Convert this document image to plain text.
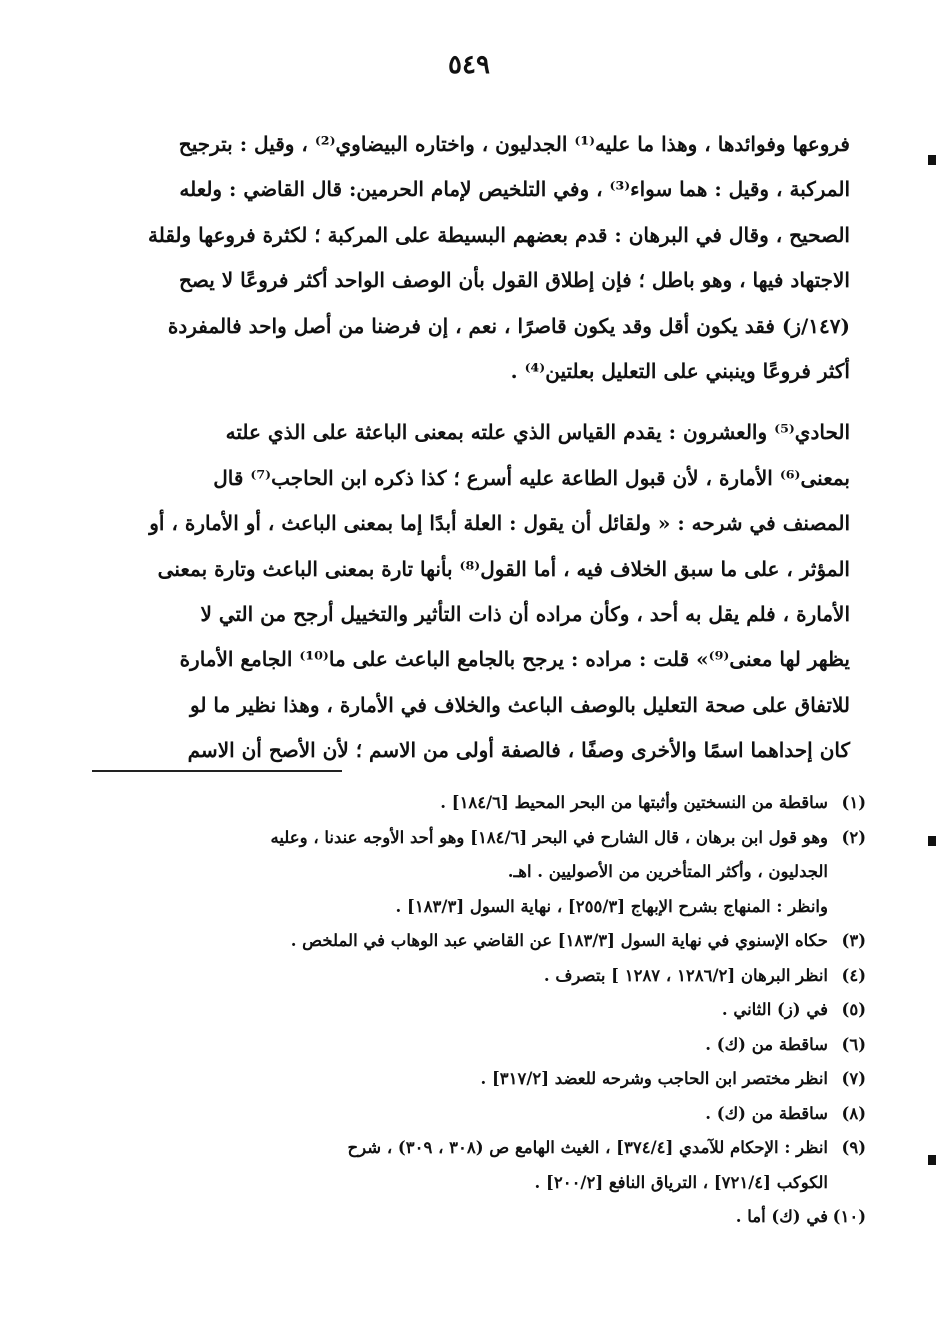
٥٤٩

فروعها وفوائدها ، وهذا ما عليه⁽¹⁾ الجدليون ، واختاره البيضاوي⁽²⁾ ، وقيل : بترجيح
المركبة ، وقيل : هما سواء⁽³⁾ ، وفي التلخيص لإمام الحرمين: قال القاضي : ولعله
الصحيح ، وقال في البرهان : قدم بعضهم البسيطة على المركبة ؛ لكثرة فروعها ولقلة
الاجتهاد فيها ، وهو باطل ؛ فإن إطلاق القول بأن الوصف الواحد أكثر فروعًا لا يصح
(١٤٧/ز) فقد يكون أقل وقد يكون قاصرًا ، نعم ، إن فرضنا من أصل واحد فالمفردة
أكثر فروعًا وينبني على التعليل بعلتين⁽⁴⁾ .

الحادي⁽⁵⁾ والعشرون : يقدم القياس الذي علته بمعنى الباعثة على الذي علته
بمعنى⁽⁶⁾ الأمارة ، لأن قبول الطاعة عليه أسرع ؛ كذا ذكره ابن الحاجب⁽⁷⁾ قال
المصنف في شرحه : « ولقائل أن يقول : العلة أبدًا إما بمعنى الباعث ، أو الأمارة ، أو
المؤثر ، على ما سبق الخلاف فيه ، أما القول⁽⁸⁾ بأنها تارة بمعنى الباعث وتارة بمعنى
الأمارة ، فلم يقل به أحد ، وكأن مراده أن ذات التأثير والتخييل أرجح من التي لا
يظهر لها معنى⁽⁹⁾» قلت : مراده : يرجح بالجامع الباعث على ما⁽¹⁰⁾ الجامع الأمارة
للاتفاق على صحة التعليل بالوصف الباعث والخلاف في الأمارة ، وهذا نظير ما لو
كان إحداهما اسمًا والأخرى وصفًا ، فالصفة أولى من الاسم ؛ لأن الأصح أن الاسم

(١)ساقطة من النسختين وأثبتها من البحر المحيط [١٨٤/٦] .
(٢)وهو قول ابن برهان ، قال الشارح في البحر [١٨٤/٦] وهو أحد الأوجه عندنا ، وعليه
الجدليون ، وأكثر المتأخرين من الأصوليين . اهـ.
وانظر : المنهاج بشرح الإبهاج [٢٥٥/٣] ، نهاية السول [١٨٣/٣] .
(٣)حكاه الإسنوي في نهاية السول [١٨٣/٣] عن القاضي عبد الوهاب في الملخص .
(٤)انظر البرهان [١٢٨٦/٢ ، ١٢٨٧ ] بتصرف .
(٥)في (ز) الثاني .
(٦)ساقطة من (ك) .
(٧)انظر مختصر ابن الحاجب وشرحه للعضد [٣١٧/٢] .
(٨)ساقطة من (ك) .
(٩)انظر : الإحكام للآمدي [٣٧٤/٤] ، الغيث الهامع ص (٣٠٨ ، ٣٠٩) ، شرح
الكوكب [٧٢١/٤] ، الترياق النافع [٢٠٠/٢] .
(١٠)في (ك) أما .
